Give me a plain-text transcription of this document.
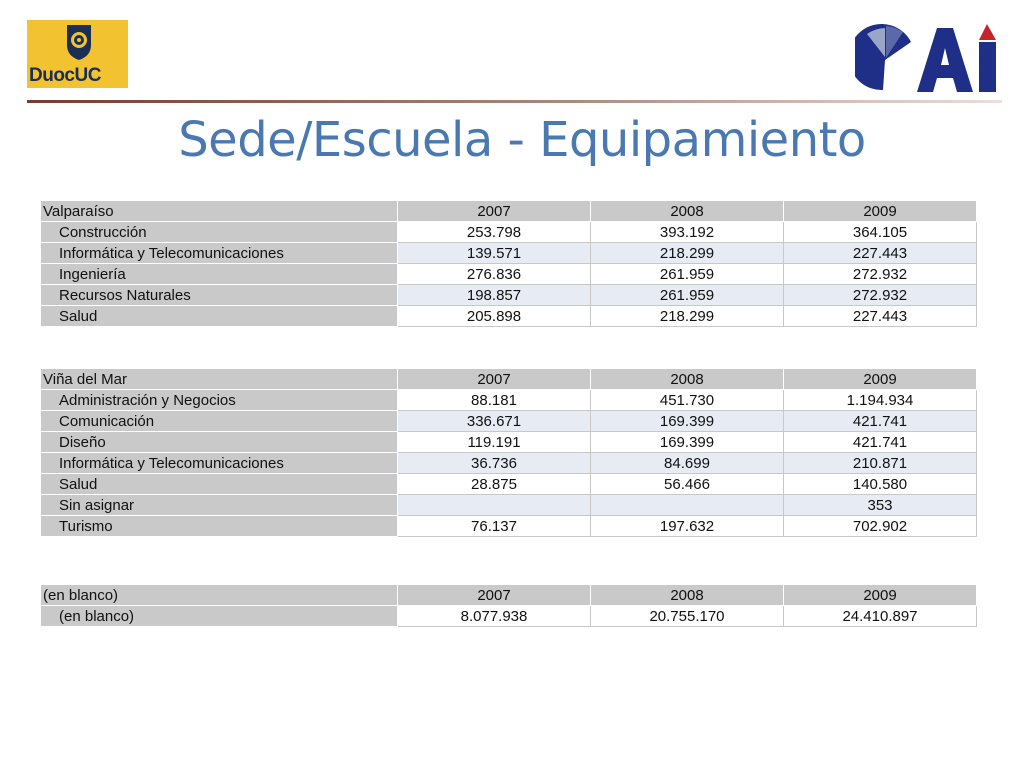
DuocUC
OAI
Sede/Escuela - Equipamiento
Valparaíso	2007	2008	2009
Construcción	253.798	393.192	364.105
Informática y Telecomunicaciones	139.571	218.299	227.443
Ingeniería	276.836	261.959	272.932
Recursos Naturales	198.857	261.959	272.932
Salud	205.898	218.299	227.443
Viña del Mar	2007	2008	2009
Administración y Negocios	88.181	451.730	1.194.934
Comunicación	336.671	169.399	421.741
Diseño	119.191	169.399	421.741
Informática y Telecomunicaciones	36.736	84.699	210.871
Salud	28.875	56.466	140.580
Sin asignar			353
Turismo	76.137	197.632	702.902
(en blanco)	2007	2008	2009
(en blanco)	8.077.938	20.755.170	24.410.897
